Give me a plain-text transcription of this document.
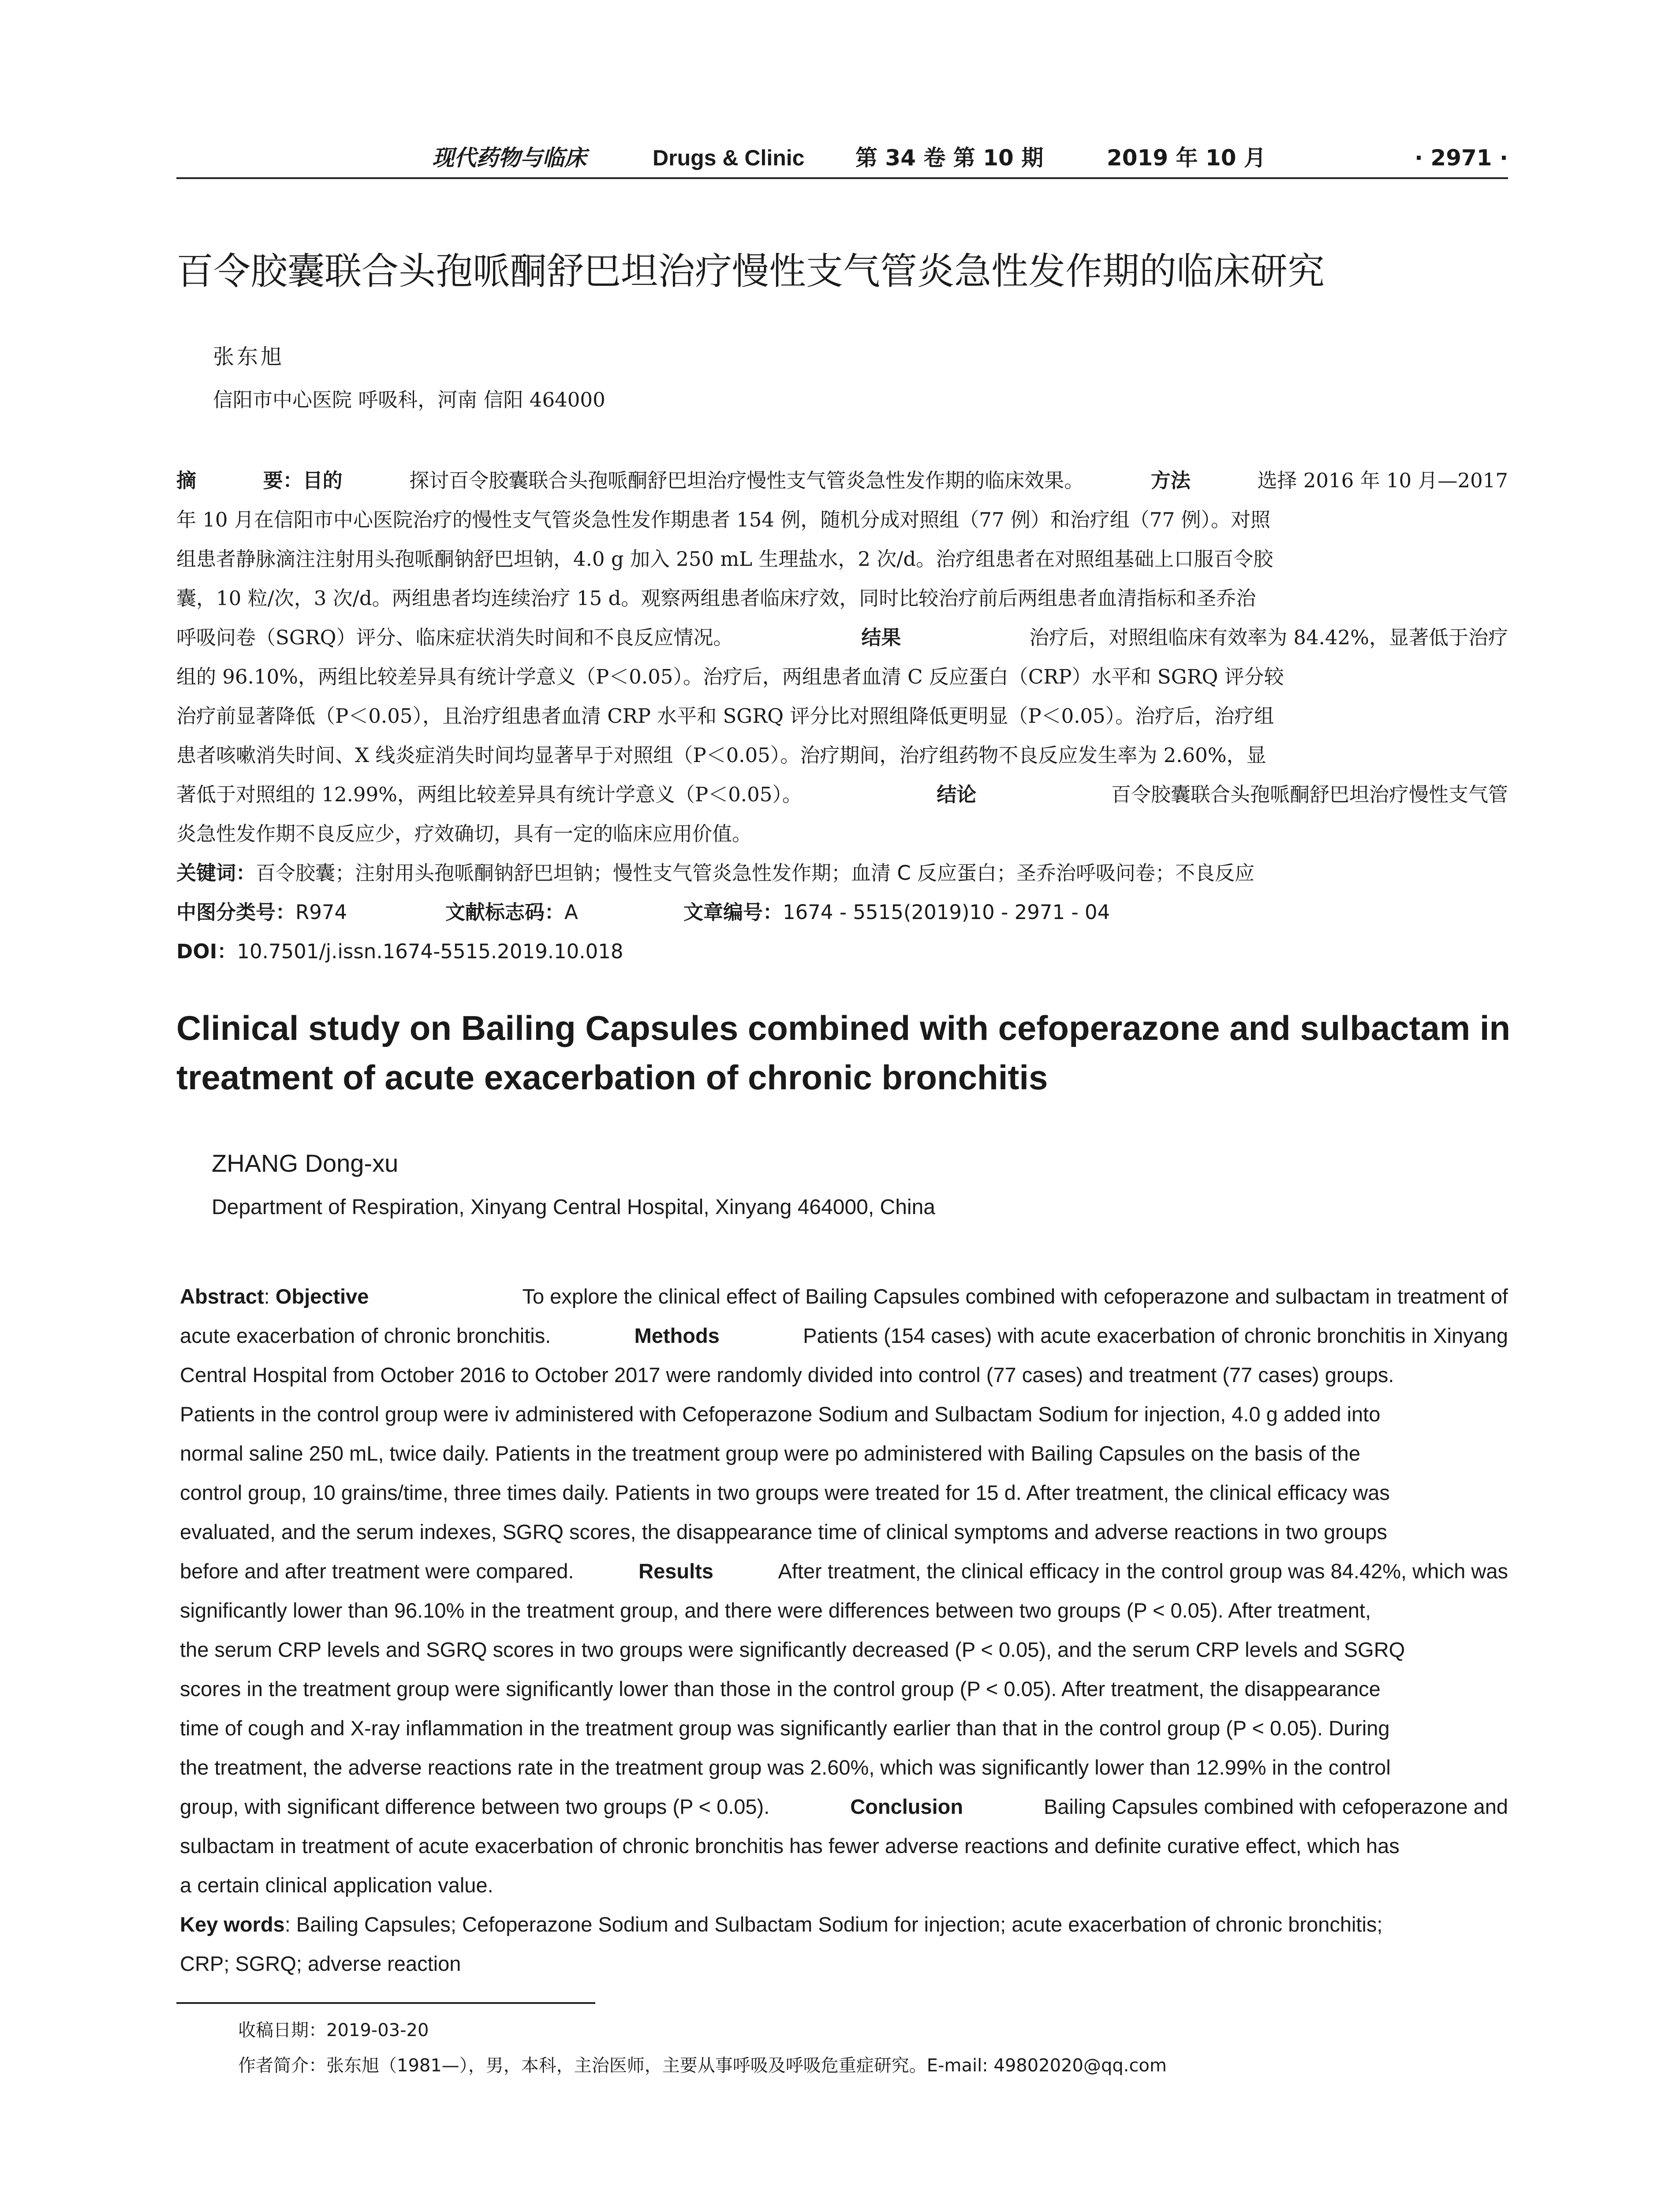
现代药物与临床	Drugs & Clinic 第 34 卷 第 10 期	2019 年 10 月	· 2971 ·
百令胶囊联合头孢哌酮舒巴坦治疗慢性支气管炎急性发作期的临床研究
张东旭
信阳市中心医院 呼吸科，河南 信阳 464000
摘	要：目的	探讨百令胶囊联合头孢哌酮舒巴坦治疗慢性支气管炎急性发作期的临床效果。	方法	选择 2016 年 10 月—2017
年 10 月在信阳市中心医院治疗的慢性支气管炎急性发作期患者 154 例，随机分成对照组（77 例）和治疗组（77 例）。对照
组患者静脉滴注注射用头孢哌酮钠舒巴坦钠，4.0 g 加入 250 mL 生理盐水，2 次/d。治疗组患者在对照组基础上口服百令胶
囊，10 粒/次，3 次/d。两组患者均连续治疗 15 d。观察两组患者临床疗效，同时比较治疗前后两组患者血清指标和圣乔治
呼吸问卷（SGRQ）评分、临床症状消失时间和不良反应情况。	结果	治疗后，对照组临床有效率为 84.42%，显著低于治疗
组的 96.10%，两组比较差异具有统计学意义（P＜0.05）。治疗后，两组患者血清 C 反应蛋白（CRP）水平和 SGRQ 评分较
治疗前显著降低（P＜0.05），且治疗组患者血清 CRP 水平和 SGRQ 评分比对照组降低更明显（P＜0.05）。治疗后，治疗组
患者咳嗽消失时间、X 线炎症消失时间均显著早于对照组（P＜0.05）。治疗期间，治疗组药物不良反应发生率为 2.60%，显
著低于对照组的 12.99%，两组比较差异具有统计学意义（P＜0.05）。	结论	百令胶囊联合头孢哌酮舒巴坦治疗慢性支气管
炎急性发作期不良反应少，疗效确切，具有一定的临床应用价值。
关键词：百令胶囊；注射用头孢哌酮钠舒巴坦钠；慢性支气管炎急性发作期；血清 C 反应蛋白；圣乔治呼吸问卷；不良反应
中图分类号：R974	文献标志码：A	文章编号：1674 - 5515(2019)10 - 2971 - 04
DOI：10.7501/j.issn.1674-5515.2019.10.018
Clinical study on Bailing Capsules combined with cefoperazone and sulbactam in treatment of acute exacerbation of chronic bronchitis
ZHANG Dong-xu
Department of Respiration, Xinyang Central Hospital, Xinyang 464000, China
Abstract: Objective	To explore the clinical effect of Bailing Capsules combined with cefoperazone and sulbactam in treatment of
acute exacerbation of chronic bronchitis.	Methods	Patients (154 cases) with acute exacerbation of chronic bronchitis in Xinyang
Central Hospital from October 2016 to October 2017 were randomly divided into control (77 cases) and treatment (77 cases) groups.
Patients in the control group were iv administered with Cefoperazone Sodium and Sulbactam Sodium for injection, 4.0 g added into
normal saline 250 mL, twice daily. Patients in the treatment group were po administered with Bailing Capsules on the basis of the
control group, 10 grains/time, three times daily. Patients in two groups were treated for 15 d. After treatment, the clinical efficacy was
evaluated, and the serum indexes, SGRQ scores, the disappearance time of clinical symptoms and adverse reactions in two groups
before and after treatment were compared.	Results	After treatment, the clinical efficacy in the control group was 84.42%, which was
significantly lower than 96.10% in the treatment group, and there were differences between two groups (P < 0.05). After treatment,
the serum CRP levels and SGRQ scores in two groups were significantly decreased (P < 0.05), and the serum CRP levels and SGRQ
scores in the treatment group were significantly lower than those in the control group (P < 0.05). After treatment, the disappearance
time of cough and X-ray inflammation in the treatment group was significantly earlier than that in the control group (P < 0.05). During
the treatment, the adverse reactions rate in the treatment group was 2.60%, which was significantly lower than 12.99% in the control
group, with significant difference between two groups (P < 0.05).	Conclusion	Bailing Capsules combined with cefoperazone and
sulbactam in treatment of acute exacerbation of chronic bronchitis has fewer adverse reactions and definite curative effect, which has
a certain clinical application value.
Key words: Bailing Capsules; Cefoperazone Sodium and Sulbactam Sodium for injection; acute exacerbation of chronic bronchitis;
CRP; SGRQ; adverse reaction
收稿日期：2019-03-20
作者简介：张东旭（1981—），男，本科，主治医师，主要从事呼吸及呼吸危重症研究。E-mail: 49802020@qq.com
